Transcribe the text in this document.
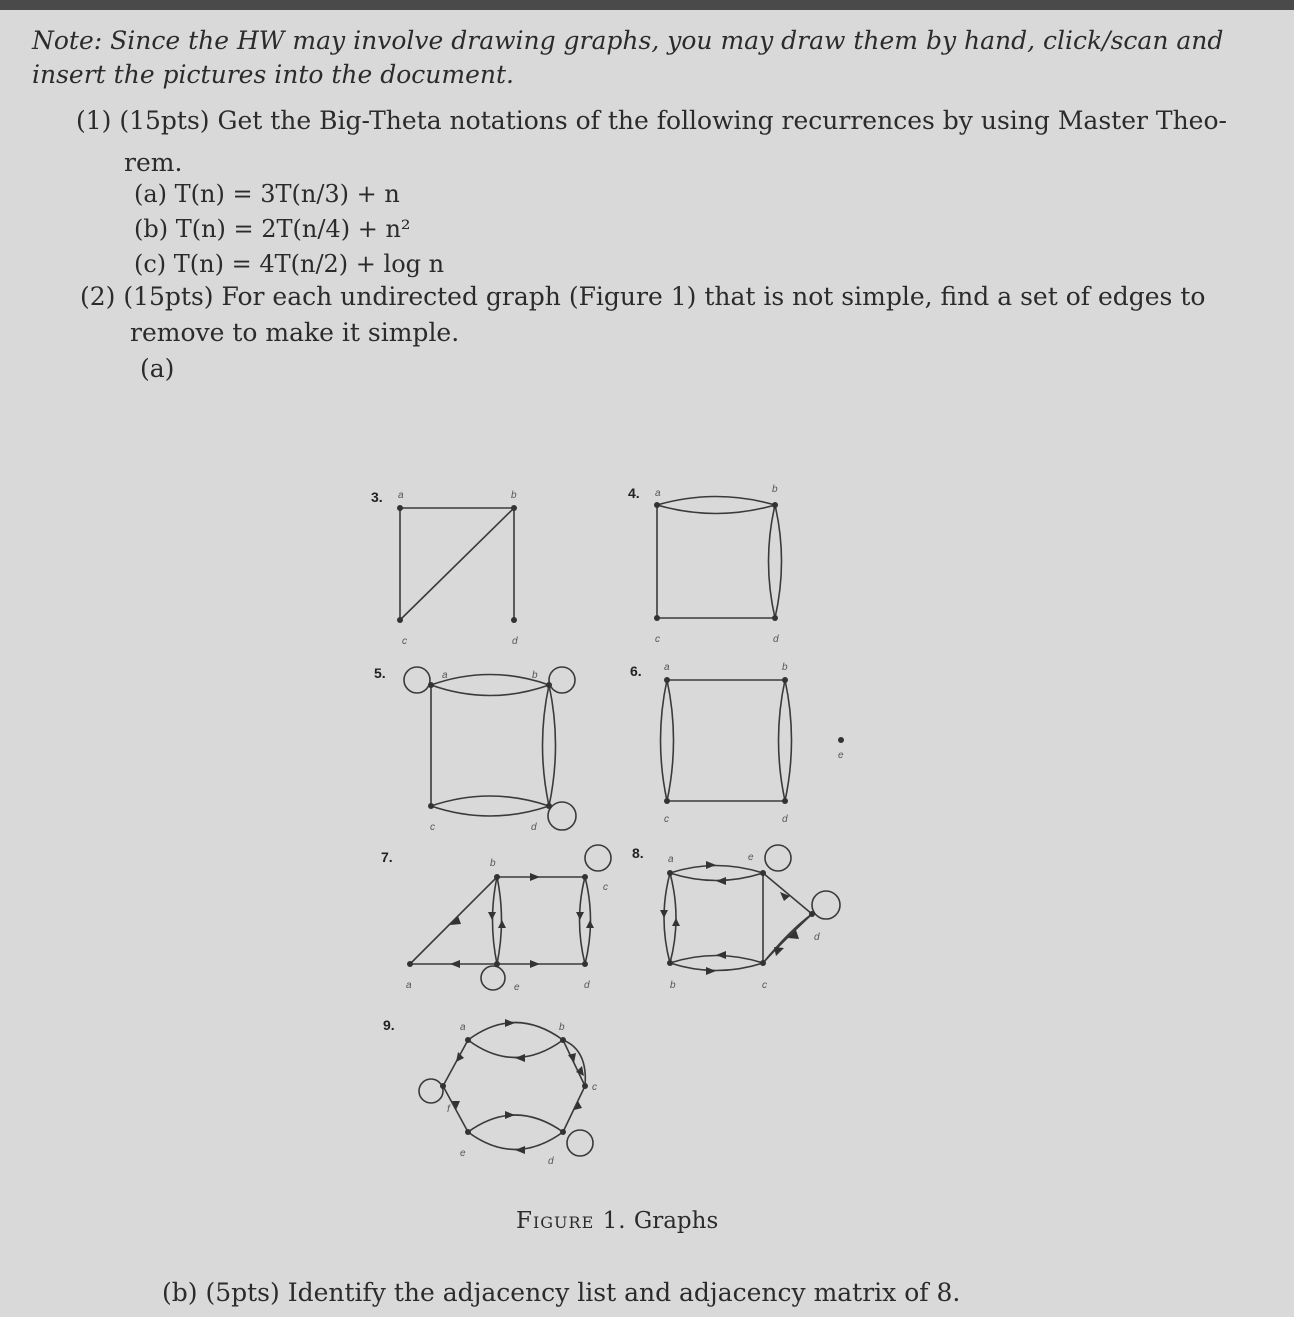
Note: Since the HW may involve drawing graphs, you may draw them by hand, click/scan and
insert the pictures into the document.
(1) (15pts) Get the Big-Theta notations of the following recurrences by using Master Theo-
rem.
(a) T(n) = 3T(n/3) + n
(b) T(n) = 2T(n/4) + n²
(c) T(n) = 4T(n/2) + log n
(2) (15pts) For each undirected graph (Figure 1) that is not simple, find a set of edges to
remove to make it simple.
(a)
3. a	b
c	d
4. a	b
c	d
5.	a	b
c	d
6. a	b
c	d
e
7.
a
b
c
d
e
8. a
b	c
d
e
9.	a	b
c
d
e
f
Figure 1. Graphs
(b) (5pts) Identify the adjacency list and adjacency matrix of 8.
